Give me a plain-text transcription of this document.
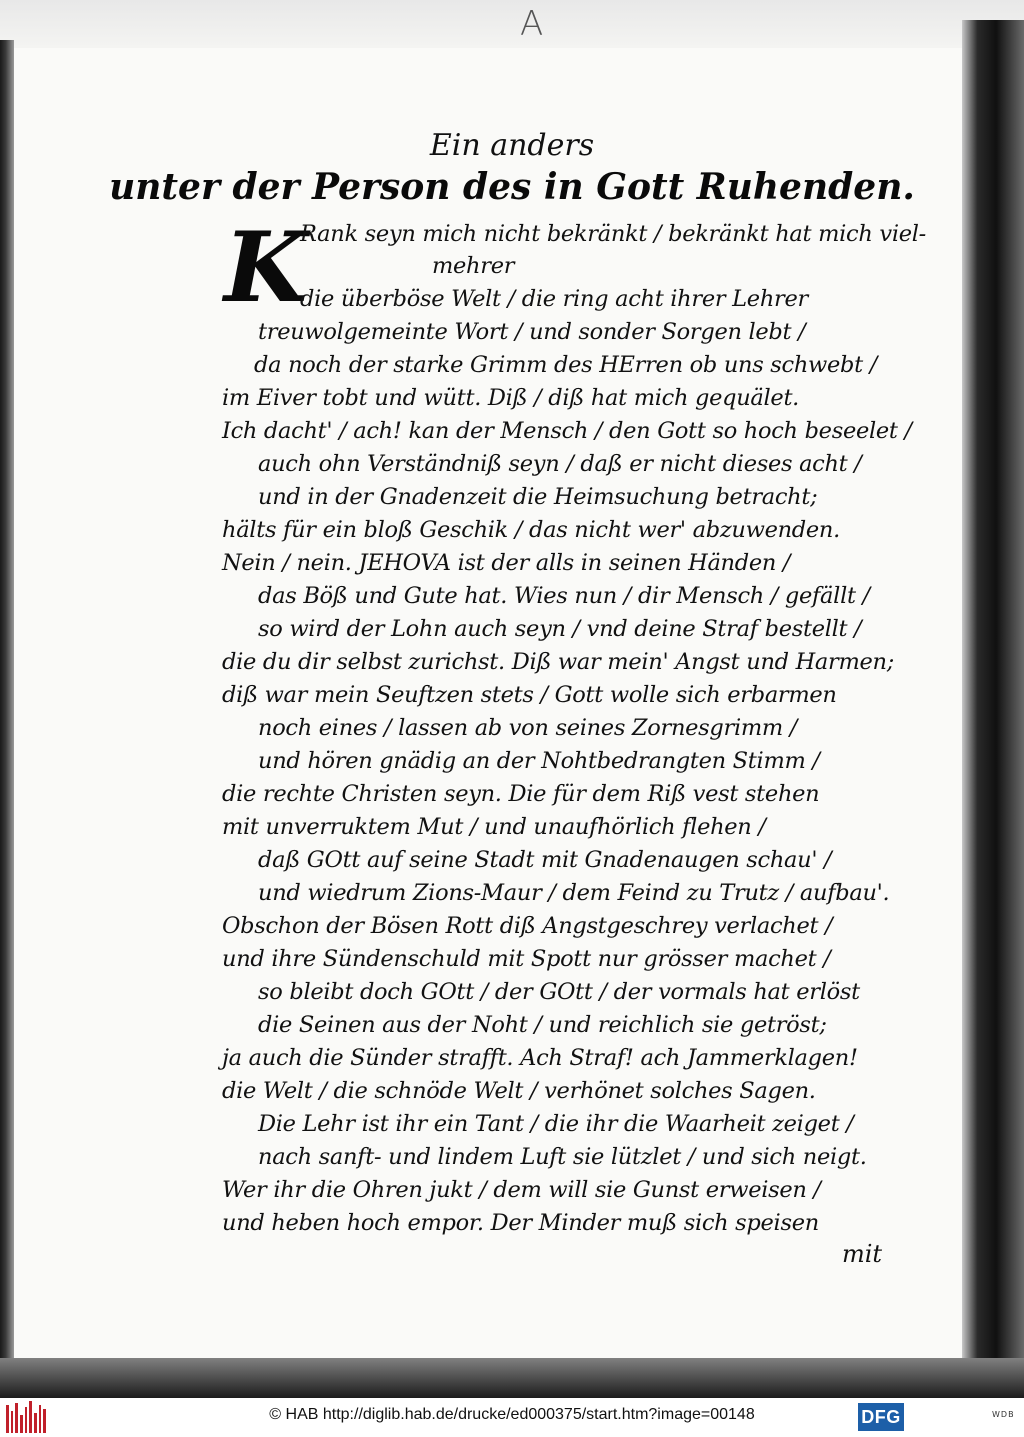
A
Ein anders
unter der Person des in Gott Ruhenden.
K
Rank seyn mich nicht bekränkt / bekränkt hat mich viel-
mehrer
die überböse Welt / die ring acht ihrer Lehrer
treuwolgemeinte Wort / und sonder Sorgen lebt /
da noch der starke Grimm des HErren ob uns schwebt /
im Eiver tobt und wütt. Diß / diß hat mich gequälet.
Ich dacht' / ach! kan der Mensch / den Gott so hoch beseelet /
auch ohn Verständniß seyn / daß er nicht dieses acht /
und in der Gnadenzeit die Heimsuchung betracht;
hälts für ein bloß Geschik / das nicht wer' abzuwenden.
Nein / nein. JEHOVA ist der alls in seinen Händen /
das Böß und Gute hat. Wies nun / dir Mensch / gefällt /
so wird der Lohn auch seyn / vnd deine Straf bestellt /
die du dir selbst zurichst. Diß war mein' Angst und Harmen;
diß war mein Seuftzen stets / Gott wolle sich erbarmen
noch eines / lassen ab von seines Zornesgrimm /
und hören gnädig an der Nohtbedrangten Stimm /
die rechte Christen seyn. Die für dem Riß vest stehen
mit unverruktem Mut / und unaufhörlich flehen /
daß GOtt auf seine Stadt mit Gnadenaugen schau' /
und wiedrum Zions-Maur / dem Feind zu Trutz / aufbau'.
Obschon der Bösen Rott diß Angstgeschrey verlachet /
und ihre Sündenschuld mit Spott nur grösser machet /
so bleibt doch GOtt / der GOtt / der vormals hat erlöst
die Seinen aus der Noht / und reichlich sie getröst;
ja auch die Sünder strafft. Ach Straf! ach Jammerklagen!
die Welt / die schnöde Welt / verhönet solches Sagen.
Die Lehr ist ihr ein Tant / die ihr die Waarheit zeiget /
nach sanft- und lindem Luft sie lützlet / und sich neigt.
Wer ihr die Ohren jukt / dem will sie Gunst erweisen /
und heben hoch empor. Der Minder muß sich speisen
mit
© HAB http://diglib.hab.de/drucke/ed000375/start.htm?image=00148	DFG	WDB
